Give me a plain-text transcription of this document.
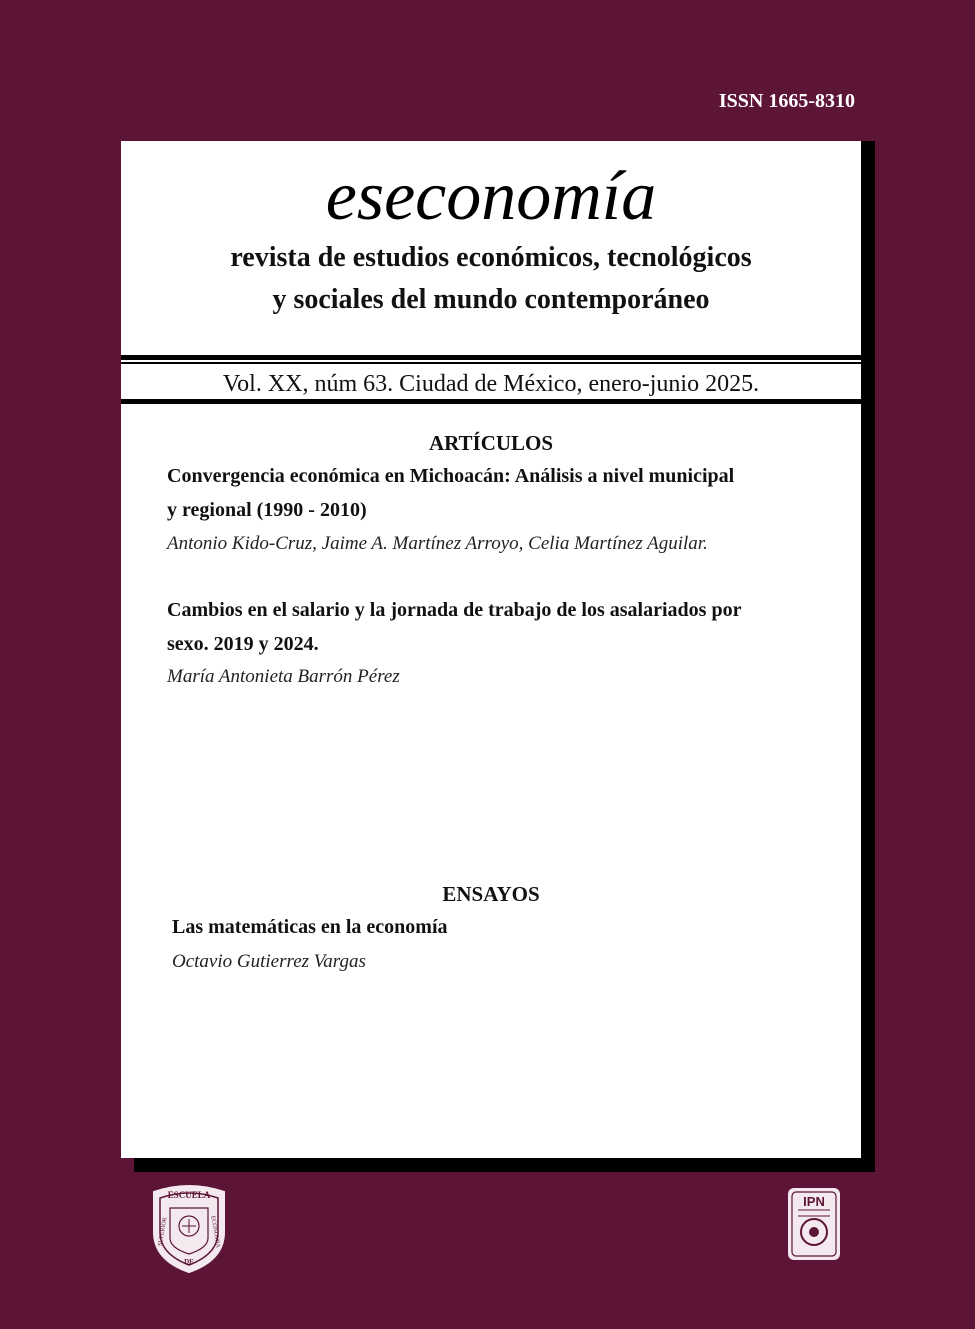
ISSN 1665-8310
eseconomía
revista de estudios económicos, tecnológicos
y sociales del mundo contemporáneo
Vol. XX, núm 63. Ciudad de México, enero-junio 2025.
ARTÍCULOS
Convergencia económica en Michoacán: Análisis a nivel municipal
y regional (1990 - 2010)
Antonio Kido-Cruz, Jaime A. Martínez Arroyo, Celia Martínez Aguilar.
Cambios en el salario y la jornada de trabajo de los asalariados por
sexo. 2019 y 2024.
María Antonieta Barrón Pérez
ENSAYOS
Las matemáticas en la economía
Octavio Gutierrez Vargas
ESCUELA
SUPERIOR	ECONOMIA
DE
IPN
